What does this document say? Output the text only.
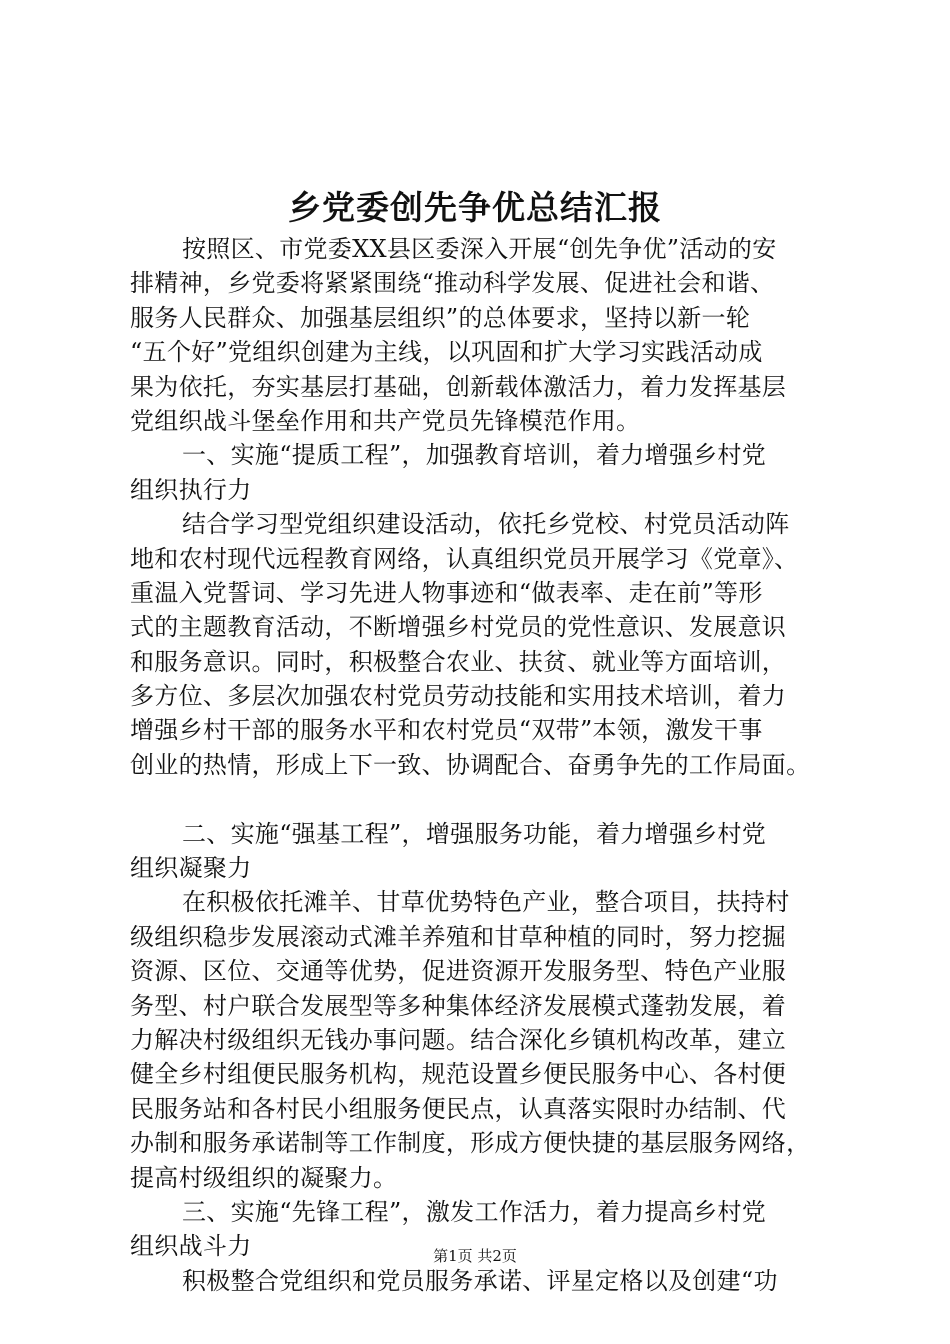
乡党委创先争优总结汇报
按照区、市党委XX县区委深入开展“创先争优”活动的安
排精神，乡党委将紧紧围绕“推动科学发展、促进社会和谐、
服务人民群众、加强基层组织”的总体要求，坚持以新一轮
“五个好”党组织创建为主线，以巩固和扩大学习实践活动成
果为依托，夯实基层打基础，创新载体激活力，着力发挥基层
党组织战斗堡垒作用和共产党员先锋模范作用。
一、实施“提质工程”，加强教育培训，着力增强乡村党
组织执行力
结合学习型党组织建设活动，依托乡党校、村党员活动阵
地和农村现代远程教育网络，认真组织党员开展学习《党章》、
重温入党誓词、学习先进人物事迹和“做表率、走在前”等形
式的主题教育活动，不断增强乡村党员的党性意识、发展意识
和服务意识。同时，积极整合农业、扶贫、就业等方面培训，
多方位、多层次加强农村党员劳动技能和实用技术培训，着力
增强乡村干部的服务水平和农村党员“双带”本领，激发干事
创业的热情，形成上下一致、协调配合、奋勇争先的工作局面。
二、实施“强基工程”，增强服务功能，着力增强乡村党
组织凝聚力
在积极依托滩羊、甘草优势特色产业，整合项目，扶持村
级组织稳步发展滚动式滩羊养殖和甘草种植的同时，努力挖掘
资源、区位、交通等优势，促进资源开发服务型、特色产业服
务型、村户联合发展型等多种集体经济发展模式蓬勃发展，着
力解决村级组织无钱办事问题。结合深化乡镇机构改革，建立
健全乡村组便民服务机构，规范设置乡便民服务中心、各村便
民服务站和各村民小组服务便民点，认真落实限时办结制、代
办制和服务承诺制等工作制度，形成方便快捷的基层服务网络，
提高村级组织的凝聚力。
三、实施“先锋工程”，激发工作活力，着力提高乡村党
组织战斗力
积极整合党组织和党员服务承诺、评星定格以及创建“功
第1页 共2页
